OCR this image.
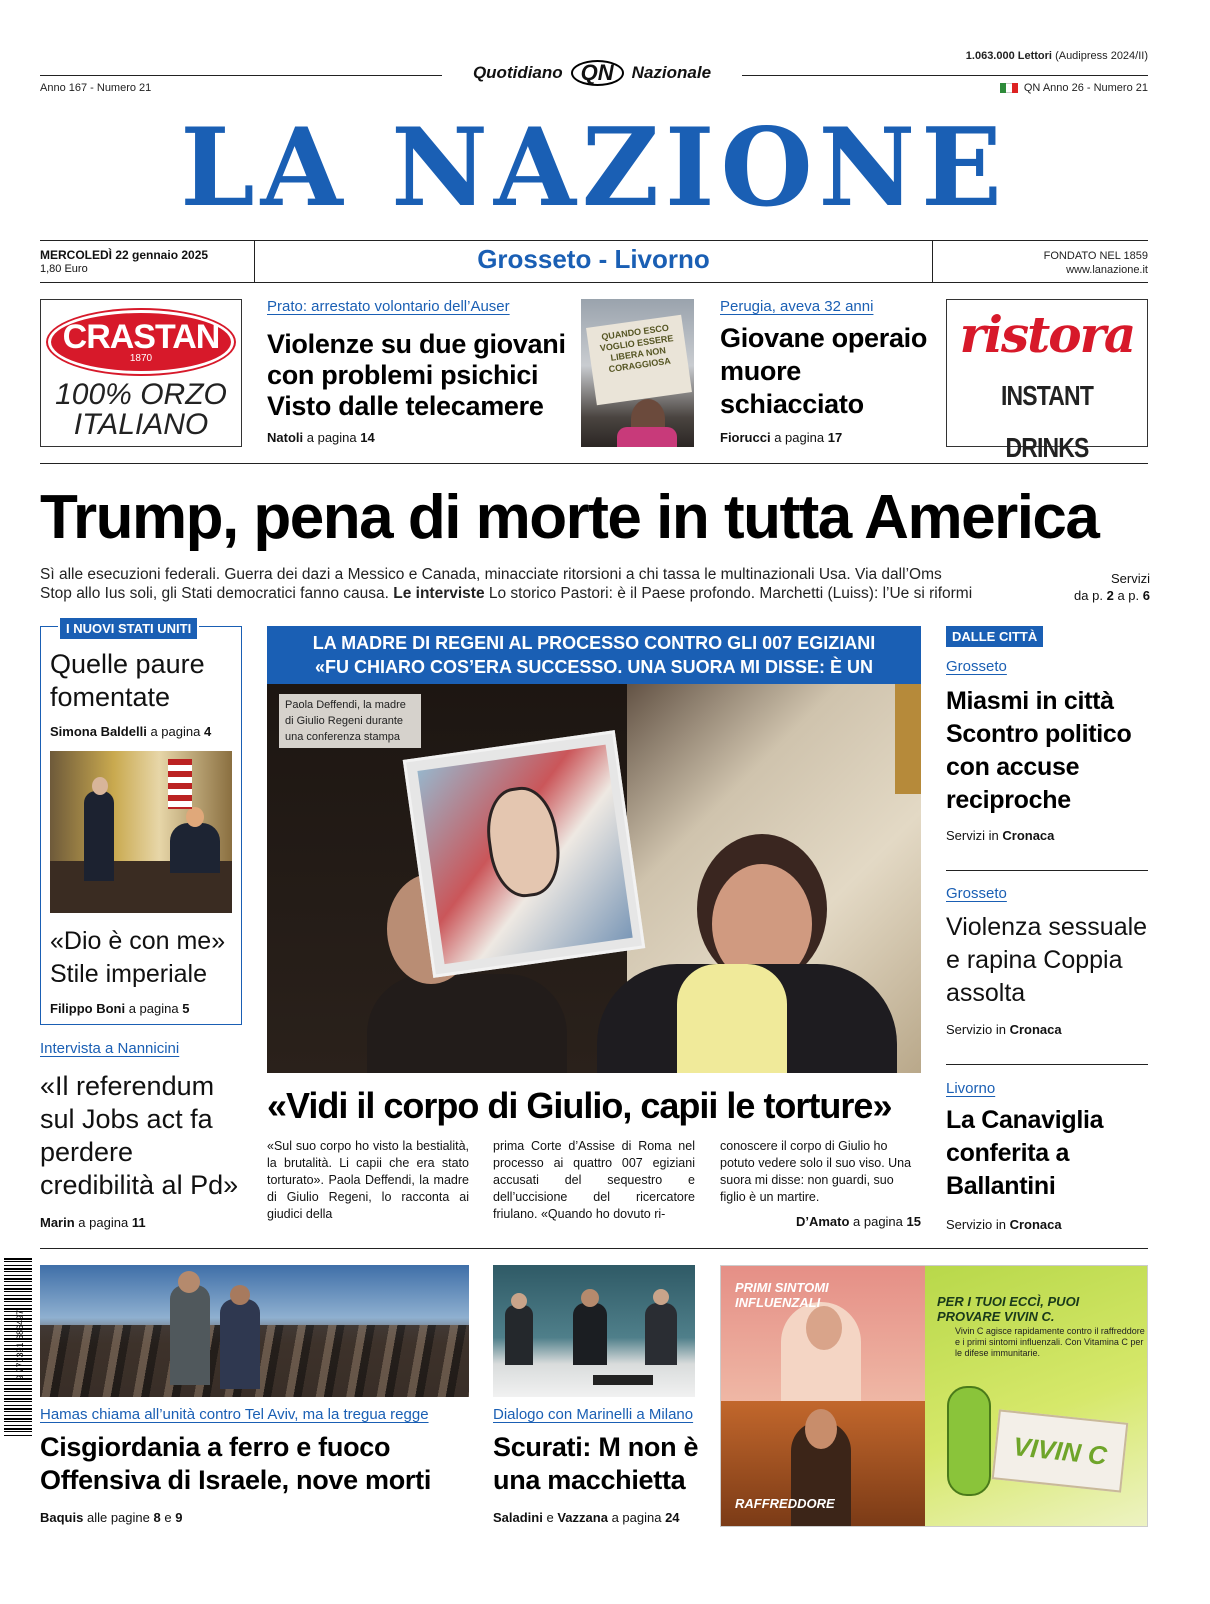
1.063.000 Lettori (Audipress 2024/II)
Quotidiano QN	Nazionale
Anno 167 - Numero 21	QN Anno 26 - Numero 21
LA NAZIONE
MERCOLEDÌ 22 gennaio 2025
1,80 Euro	Grosseto - Livorno	FONDATO NEL 1859
www.lanazione.it
CRASTAN
1870
100% ORZO
ITALIANO
Prato: arrestato volontario dell’Auser
Violenze su due giovani con problemi psichici Visto dalle telecamere
Natoli a pagina 14
QUANDO ESCO VOGLIO ESSERE LIBERA NON CORAGGIOSA
Perugia, aveva 32 anni
Giovane operaio muore schiacciato
Fiorucci a pagina 17
ristora
INSTANT DRINKS
Trump, pena di morte in tutta America
Sì alle esecuzioni federali. Guerra dei dazi a Messico e Canada, minacciate ritorsioni a chi tassa le multinazionali Usa. Via dall’Oms
Stop allo Ius soli, gli Stati democratici fanno causa. Le interviste Lo storico Pastori: è il Paese profondo. Marchetti (Luiss): l’Ue si riformi
Servizi
da p. 2 a p. 6
I NUOVI STATI UNITI
Quelle paure fomentate
Simona Baldelli a pagina 4
«Dio è con me» Stile imperiale
Filippo Boni a pagina 5
Intervista a Nannicini
«Il referendum sul Jobs act fa perdere credibilità al Pd»
Marin a pagina 11
LA MADRE DI REGENI AL PROCESSO CONTRO GLI 007 EGIZIANI
«FU CHIARO COS’ERA SUCCESSO. UNA SUORA MI DISSE: È UN
Paola Deffendi, la madre di Giulio Regeni durante una conferenza stampa
«Vidi il corpo di Giulio, capii le torture»
«Sul suo corpo ho visto la bestialità, la brutalità. Li capii che era stato torturato». Paola Deffendi, la madre di Giulio Regeni, lo racconta ai giudici della
prima Corte d’Assise di Roma nel processo ai quattro 007 egiziani accusati del sequestro e dell’uccisione del ricercatore friulano. «Quando ho dovuto ri-
conoscere il corpo di Giulio ho potuto vedere solo il suo viso. Una suora mi disse: non guardi, suo figlio è un martire.
D’Amato a pagina 15
DALLE CITTÀ
Grosseto
Miasmi in città Scontro politico con accuse reciproche
Servizi in Cronaca
Grosseto
Violenza sessuale e rapina Coppia assolta
Servizio in Cronaca
Livorno
La Canaviglia conferita a Ballantini
Servizio in Cronaca
9 770391 686497
Hamas chiama all’unità contro Tel Aviv, ma la tregua regge
Cisgiordania a ferro e fuoco Offensiva di Israele, nove morti
Baquis alle pagine 8 e 9
Dialogo con Marinelli a Milano
Scurati: M non è una macchietta
Saladini e Vazzana a pagina 24
PRIMI SINTOMI INFLUENZALI
RAFFREDDORE
PER I TUOI ECCÌ, PUOI PROVARE VIVIN C.
Vivin C agisce rapidamente contro il raffreddore e i primi sintomi influenzali. Con Vitamina C per le difese immunitarie.
VIVIN C
